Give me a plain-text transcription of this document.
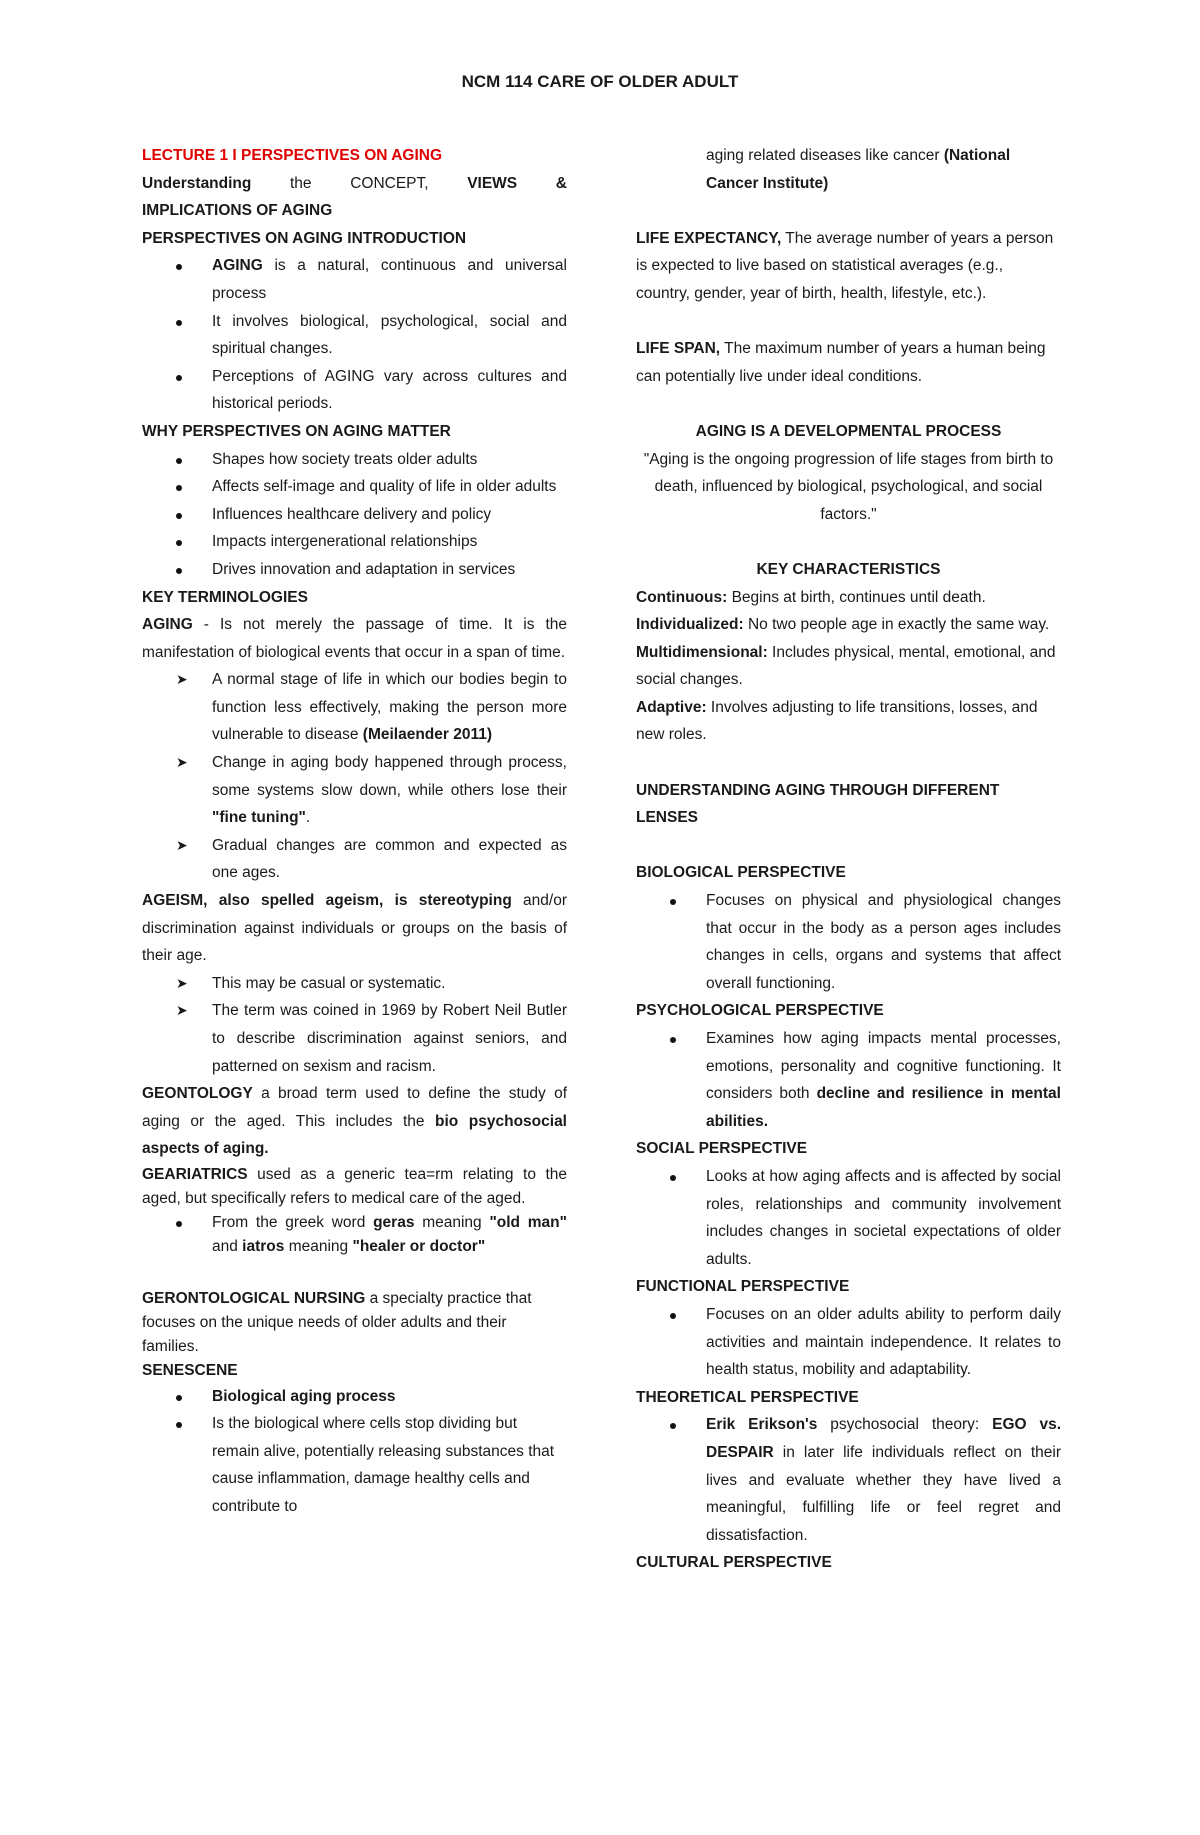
NCM 114 CARE OF OLDER ADULT

LECTURE 1 I PERSPECTIVES ON AGING

Understanding the CONCEPT, VIEWS &

IMPLICATIONS OF AGING

PERSPECTIVES ON AGING INTRODUCTION

AGING is a natural, continuous and universal process
It involves biological, psychological, social and spiritual changes.
Perceptions of AGING vary across cultures and historical periods.

WHY PERSPECTIVES ON AGING MATTER

Shapes how society treats older adults
Affects self-image and quality of life in older adults
Influences healthcare delivery and policy
Impacts intergenerational relationships
Drives innovation and adaptation in services

KEY TERMINOLOGIES

AGING - Is not merely the passage of time. It is the manifestation of biological events that occur in a span of time.

➤ A normal stage of life in which our bodies begin to function less effectively, making the person more vulnerable to disease (Meilaender 2011)
➤ Change in aging body happened through process, some systems slow down, while others lose their "fine tuning".
➤ Gradual changes are common and expected as one ages.

AGEISM, also spelled ageism, is stereotyping and/or discrimination against individuals or groups on the basis of their age.

➤ This may be casual or systematic.
➤ The term was coined in 1969 by Robert Neil Butler to describe discrimination against seniors, and patterned on sexism and racism.

GEONTOLOGY a broad term used to define the study of aging or the aged. This includes the bio psychosocial aspects of aging.

GEARIATRICS used as a generic tea=rm relating to the aged, but specifically refers to medical care of the aged.

From the greek word geras meaning "old man" and iatros meaning "healer or doctor"

GERONTOLOGICAL NURSING a specialty practice that focuses on the unique needs of older adults and their families.

SENESCENE

Biological aging process
Is the biological where cells stop dividing but remain alive, potentially releasing substances that cause inflammation, damage healthy cells and contribute to

aging related diseases like cancer (National Cancer Institute)

LIFE EXPECTANCY, The average number of years a person is expected to live based on statistical averages (e.g., country, gender, year of birth, health, lifestyle, etc.).

LIFE SPAN, The maximum number of years a human being can potentially live under ideal conditions.

AGING IS A DEVELOPMENTAL PROCESS

"Aging is the ongoing progression of life stages from birth to death, influenced by biological, psychological, and social factors."

KEY CHARACTERISTICS

Continuous: Begins at birth, continues until death.

Individualized: No two people age in exactly the same way.

Multidimensional: Includes physical, mental, emotional, and social changes.

Adaptive: Involves adjusting to life transitions, losses, and new roles.

UNDERSTANDING AGING THROUGH DIFFERENT LENSES

BIOLOGICAL PERSPECTIVE

Focuses on physical and physiological changes that occur in the body as a person ages includes changes in cells, organs and systems that affect overall functioning.

PSYCHOLOGICAL PERSPECTIVE

Examines how aging impacts mental processes, emotions, personality and cognitive functioning. It considers both decline and resilience in mental abilities.

SOCIAL PERSPECTIVE

Looks at how aging affects and is affected by social roles, relationships and community involvement includes changes in societal expectations of older adults.

FUNCTIONAL PERSPECTIVE

Focuses on an older adults ability to perform daily activities and maintain independence. It relates to health status, mobility and adaptability.

THEORETICAL PERSPECTIVE

Erik Erikson's psychosocial theory: EGO vs. DESPAIR in later life individuals reflect on their lives and evaluate whether they have lived a meaningful, fulfilling life or feel regret and dissatisfaction.

CULTURAL PERSPECTIVE
